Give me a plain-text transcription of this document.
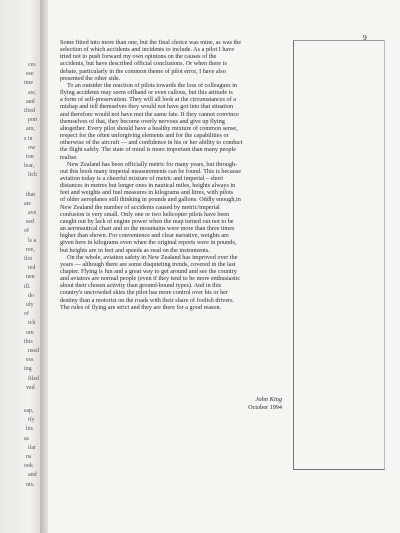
ces
ese
ime
aw,
and
ified
pon
ain,
s in
ow
ion
lear,
lich
that
ate
ave
sed
of
ls a
ree,
ilot
ied
nen
ill.
do
uly
of
ich
om
this
nsed
ess
ing
filed
ved
sap,
ify
his
as
ilar
ns
ook
and
nts.
9
Some fitted into more than one, but the final choice was mine, as was the
selection of which accidents and incidents to include. As a pilot I have
tried not to push forward my own opinions on the causes of the
accidents, but have described official conclusions. Or when there is
debate, particularly in the common theme of pilot error, I have also
presented the other side.
To an outsider the reaction of pilots towards the loss of colleagues in
flying accidents may seem offhand or even callous, but this attitude is
a form of self-preservation. They will all look at the circumstances of a
mishap and tell themselves they would not have got into that situation
and therefore would not have met the same fate. If they cannot convince
themselves of that, they become overly nervous and give up flying
altogether. Every pilot should have a healthy mixture of common sense,
respect for the often unforgiving elements and for the capabilities or
otherwise of the aircraft — and confidence in his or her ability to conduct
the flight safely. The state of mind is more important than many people
realise.
New Zealand has been officially metric for many years, but through-
out this book many imperial measurements can be found. This is because
aviation today is a cheerful mixture of metric and imperial – short
distances in metres but longer ones in nautical miles, heights always in
feet and weights and fuel measures in kilograms and litres, with pilots
of older aeroplanes still thinking in pounds and gallons. Oddly enough,in
New Zealand the number of accidents caused by metric/imperial
confusion is very small. Only one or two helicopter pilots have been
caught out by lack of engine power when the map turned out not to be
an aeronautical chart and so the mountains were more than three times
higher than shown. For convenience and clear narrative, weights are
given here in kilograms even when the original reports were in pounds,
but heights are in feet and speeds as read on the instruments.
On the whole, aviation safety in New Zealand has improved over the
years — although there are some disquieting trends, covered in the last
chapter. Flying is fun and a great way to get around and see the country
and aviators are normal people (even if they tend to be more enthusiastic
about their chosen activity than ground-bound types). And in this
country's uncrowded skies the pilot has more control over his or her
destiny than a motorist on the roads with their share of foolish drivers.
The rules of flying are strict and they are there for a good reason.
John King
October 1994
